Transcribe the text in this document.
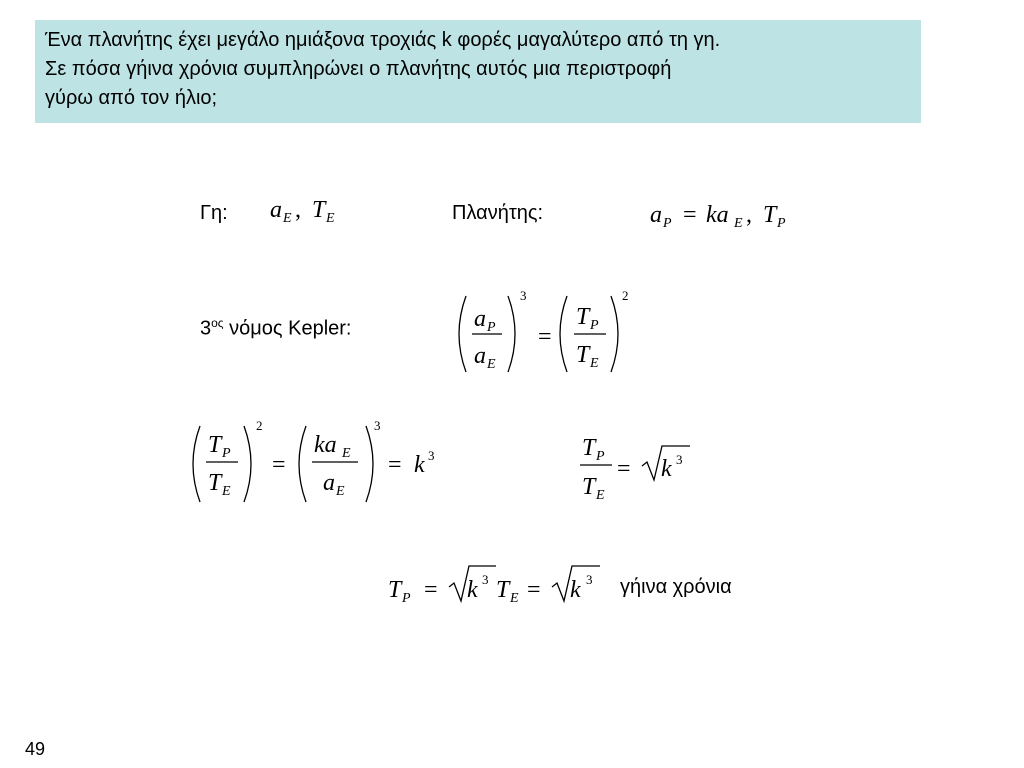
Ένα πλανήτης έχει μεγάλο ημιάξονα τροχιάς k φορές μαγαλύτερο από τη γη.
Σε πόσα γήινα χρόνια συμπληρώνει ο πλανήτης αυτός μια περιστροφή
γύρω από τον ήλιο;
Γη:	Πλανήτης:
$3^{o\varsigma}$ νόμος Kepler:
γήινα χρόνια
a E , T E	a P = ka E , T P
a P
a E
3
=
T P
T E
2
T P
T E
2
=
ka E
a E
3
= k 3	T P
T E
= k 3
T P = k 3 T E = k 3
49
